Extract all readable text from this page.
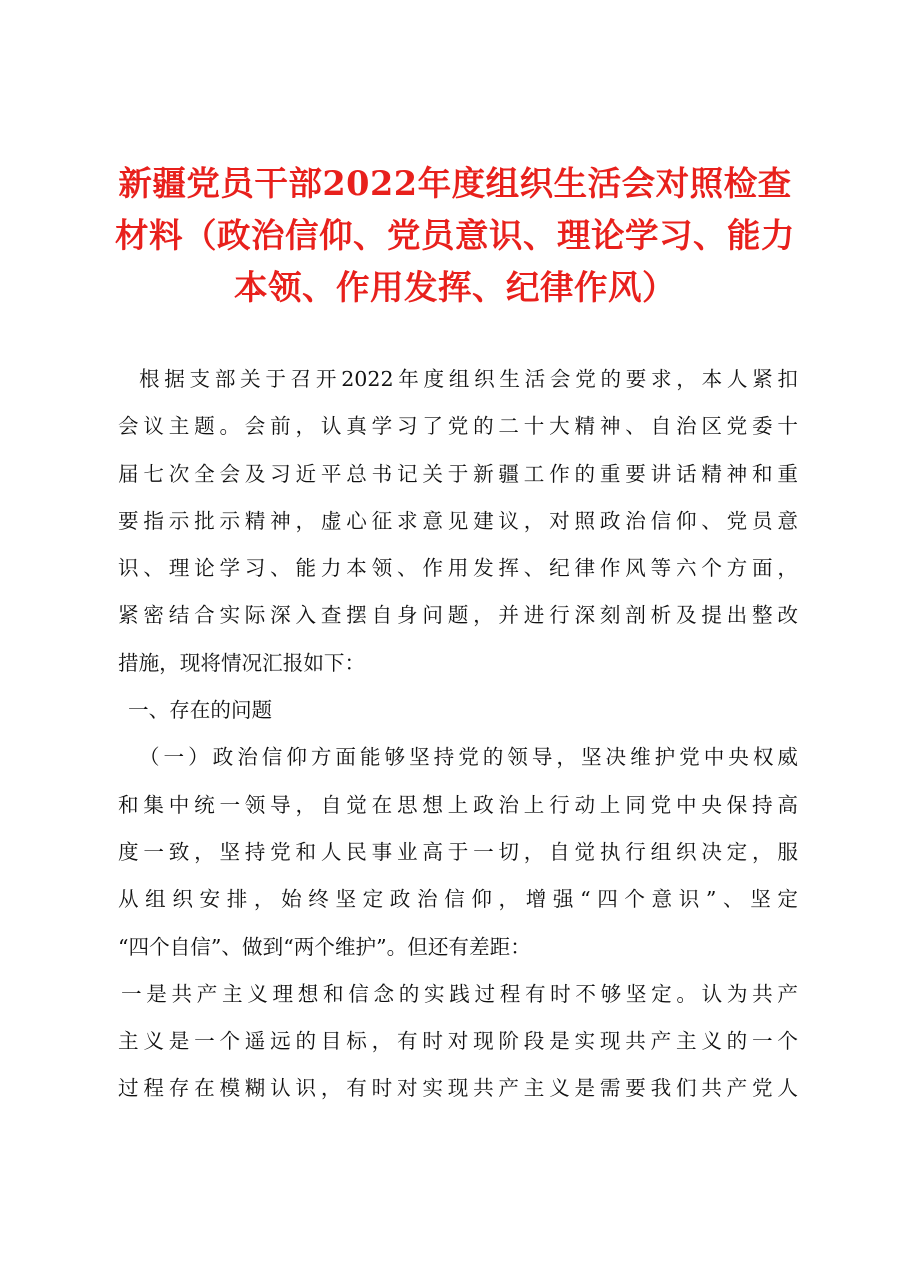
新疆党员干部2022年度组织生活会对照检查
材料（政治信仰、党员意识、理论学习、能力
本领、作用发挥、纪律作风）
根据支部关于召开2022年度组织生活会党的要求，本人紧扣
会议主题。会前，认真学习了党的二十大精神、自治区党委十
届七次全会及习近平总书记关于新疆工作的重要讲话精神和重
要指示批示精神，虚心征求意见建议，对照政治信仰、党员意
识、理论学习、能力本领、作用发挥、纪律作风等六个方面，
紧密结合实际深入查摆自身问题，并进行深刻剖析及提出整改
措施，现将情况汇报如下：
一、存在的问题
（一）政治信仰方面能够坚持党的领导，坚决维护党中央权威
和集中统一领导，自觉在思想上政治上行动上同党中央保持高
度一致，坚持党和人民事业高于一切，自觉执行组织决定，服
从组织安排，始终坚定政治信仰，增强“四个意识”、坚定
“四个自信”、做到“两个维护”。但还有差距：
一是共产主义理想和信念的实践过程有时不够坚定。认为共产
主义是一个遥远的目标，有时对现阶段是实现共产主义的一个
过程存在模糊认识，有时对实现共产主义是需要我们共产党人
